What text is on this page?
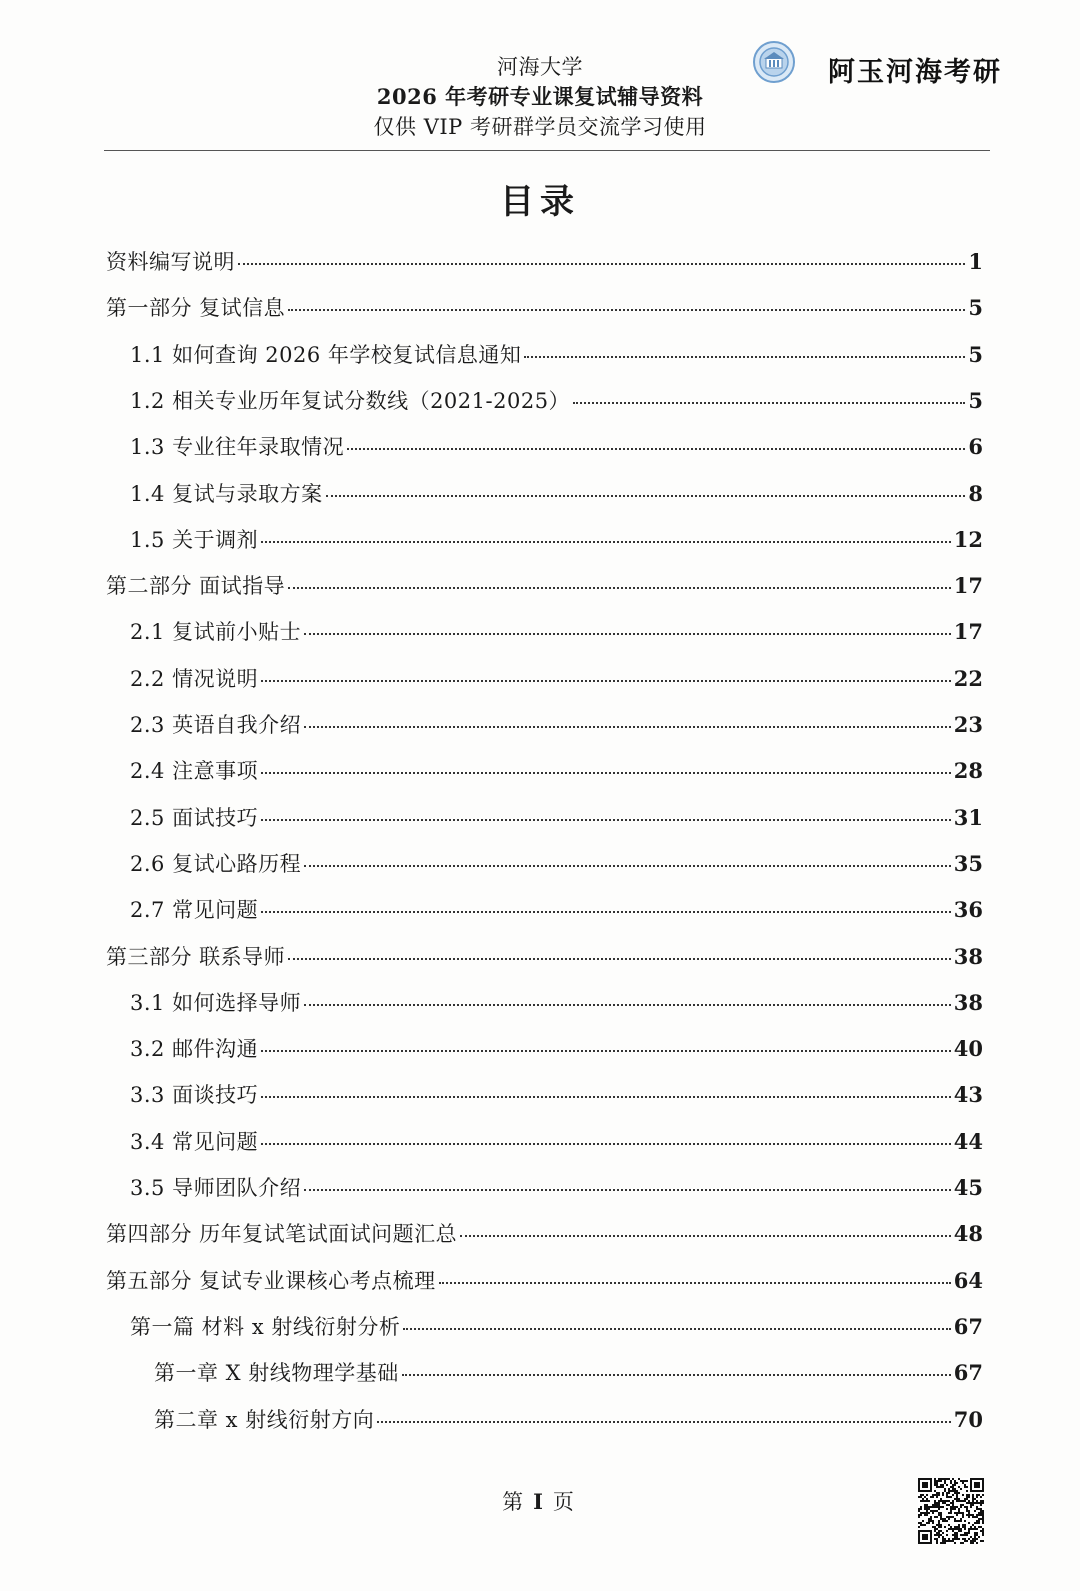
河海大学
2026 年考研专业课复试辅导资料
仅供 VIP 考研群学员交流学习使用
阿玉河海考研
目录
资料编写说明	1
第一部分 复试信息	5
1.1 如何查询 2026 年学校复试信息通知	5
1.2 相关专业历年复试分数线（2021-2025）	5
1.3 专业往年录取情况	6
1.4 复试与录取方案	8
1.5 关于调剂	12
第二部分 面试指导	17
2.1 复试前小贴士	17
2.2 情况说明	22
2.3 英语自我介绍	23
2.4 注意事项	28
2.5 面试技巧	31
2.6 复试心路历程	35
2.7 常见问题	36
第三部分 联系导师	38
3.1 如何选择导师	38
3.2 邮件沟通	40
3.3 面谈技巧	43
3.4 常见问题	44
3.5 导师团队介绍	45
第四部分 历年复试笔试面试问题汇总	48
第五部分 复试专业课核心考点梳理	64
第一篇 材料 x 射线衍射分析	67
第一章 X 射线物理学基础	67
第二章 x 射线衍射方向	70
第 I 页
